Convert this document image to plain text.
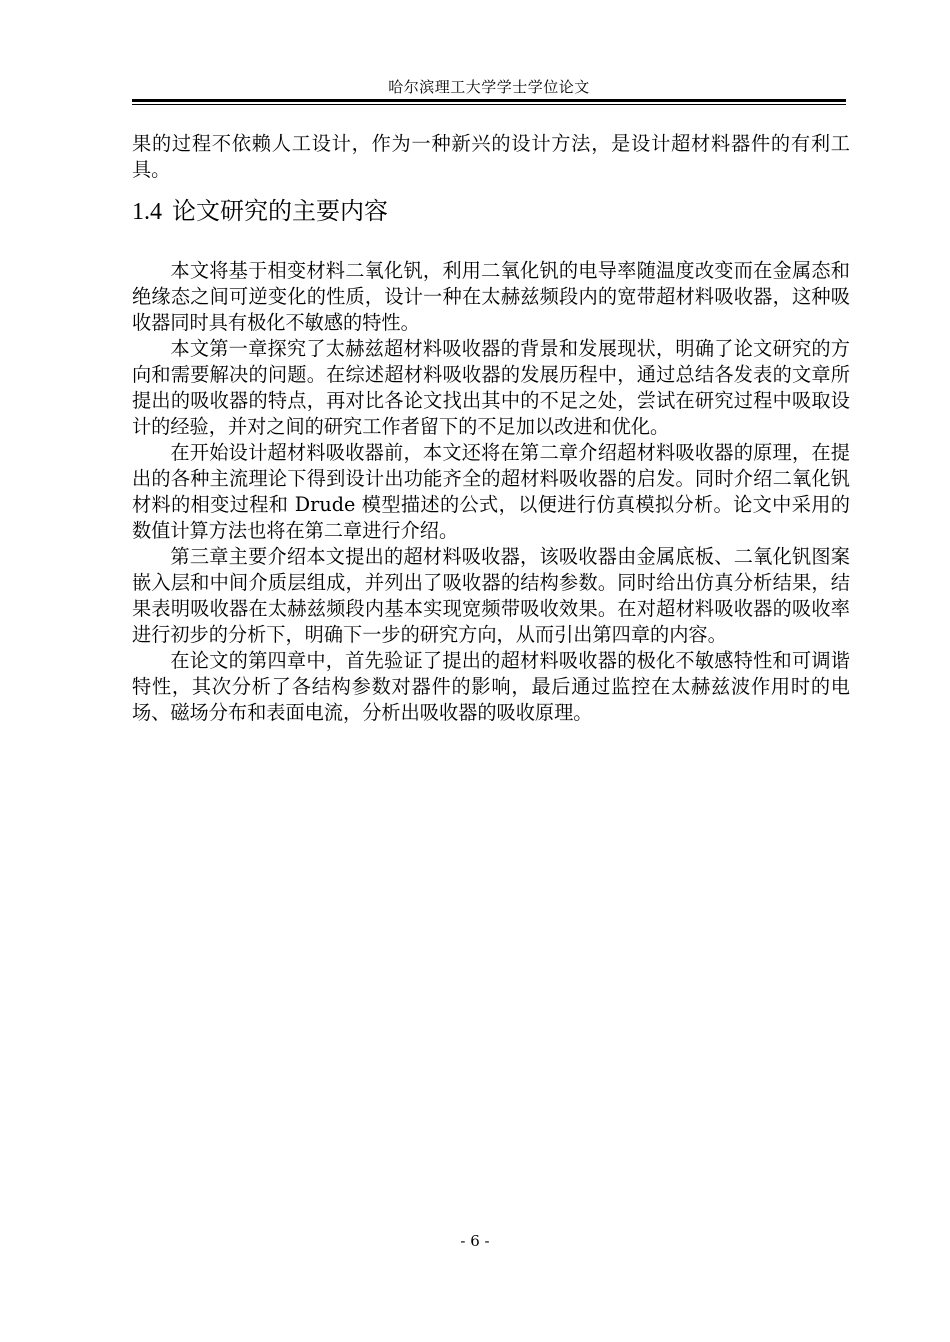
哈尔滨理工大学学士学位论文

果的过程不依赖人工设计，作为一种新兴的设计方法，是设计超材料器件的有利工具。

1.4 论文研究的主要内容

本文将基于相变材料二氧化钒，利用二氧化钒的电导率随温度改变而在金属态和绝缘态之间可逆变化的性质，设计一种在太赫兹频段内的宽带超材料吸收器，这种吸收器同时具有极化不敏感的特性。

本文第一章探究了太赫兹超材料吸收器的背景和发展现状，明确了论文研究的方向和需要解决的问题。在综述超材料吸收器的发展历程中，通过总结各发表的文章所提出的吸收器的特点，再对比各论文找出其中的不足之处，尝试在研究过程中吸取设计的经验，并对之间的研究工作者留下的不足加以改进和优化。

在开始设计超材料吸收器前，本文还将在第二章介绍超材料吸收器的原理，在提出的各种主流理论下得到设计出功能齐全的超材料吸收器的启发。同时介绍二氧化钒材料的相变过程和 Drude 模型描述的公式，以便进行仿真模拟分析。论文中采用的数值计算方法也将在第二章进行介绍。

第三章主要介绍本文提出的超材料吸收器，该吸收器由金属底板、二氧化钒图案嵌入层和中间介质层组成，并列出了吸收器的结构参数。同时给出仿真分析结果，结果表明吸收器在太赫兹频段内基本实现宽频带吸收效果。在对超材料吸收器的吸收率进行初步的分析下，明确下一步的研究方向，从而引出第四章的内容。

在论文的第四章中，首先验证了提出的超材料吸收器的极化不敏感特性和可调谐特性，其次分析了各结构参数对器件的影响，最后通过监控在太赫兹波作用时的电场、磁场分布和表面电流，分析出吸收器的吸收原理。

- 6 -
